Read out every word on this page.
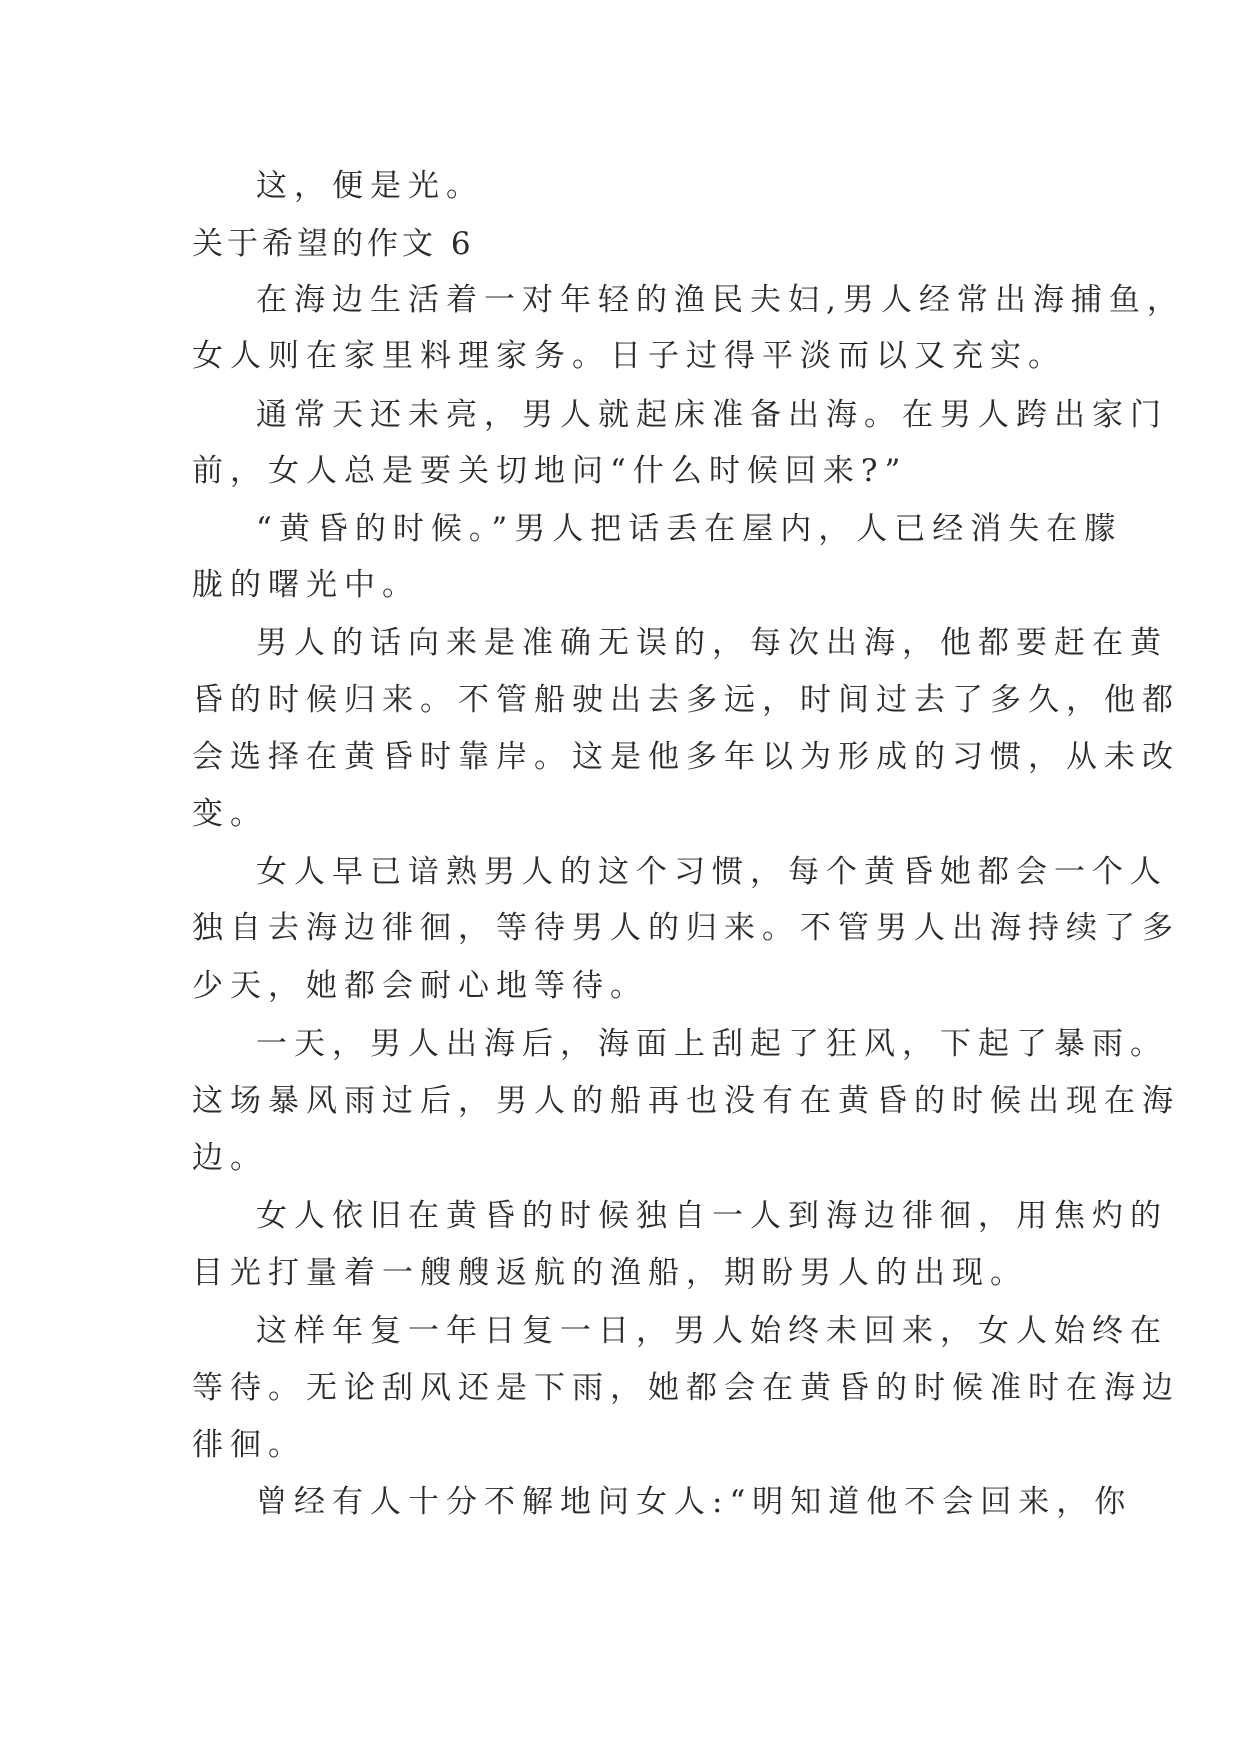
这，便是光。
关于希望的作文 6
在海边生活着一对年轻的渔民夫妇,男人经常出海捕鱼，
女人则在家里料理家务。日子过得平淡而以又充实。
通常天还未亮，男人就起床准备出海。在男人跨出家门
前，女人总是要关切地问“什么时候回来?”
“黄昏的时候。”男人把话丢在屋内，人已经消失在朦
胧的曙光中。
男人的话向来是准确无误的，每次出海，他都要赶在黄
昏的时候归来。不管船驶出去多远，时间过去了多久，他都
会选择在黄昏时靠岸。这是他多年以为形成的习惯，从未改
变。
女人早已谙熟男人的这个习惯，每个黄昏她都会一个人
独自去海边徘徊，等待男人的归来。不管男人出海持续了多
少天，她都会耐心地等待。
一天，男人出海后，海面上刮起了狂风，下起了暴雨。
这场暴风雨过后，男人的船再也没有在黄昏的时候出现在海
边。
女人依旧在黄昏的时候独自一人到海边徘徊，用焦灼的
目光打量着一艘艘返航的渔船，期盼男人的出现。
这样年复一年日复一日，男人始终未回来，女人始终在
等待。无论刮风还是下雨，她都会在黄昏的时候准时在海边
徘徊。
曾经有人十分不解地问女人:“明知道他不会回来，你
